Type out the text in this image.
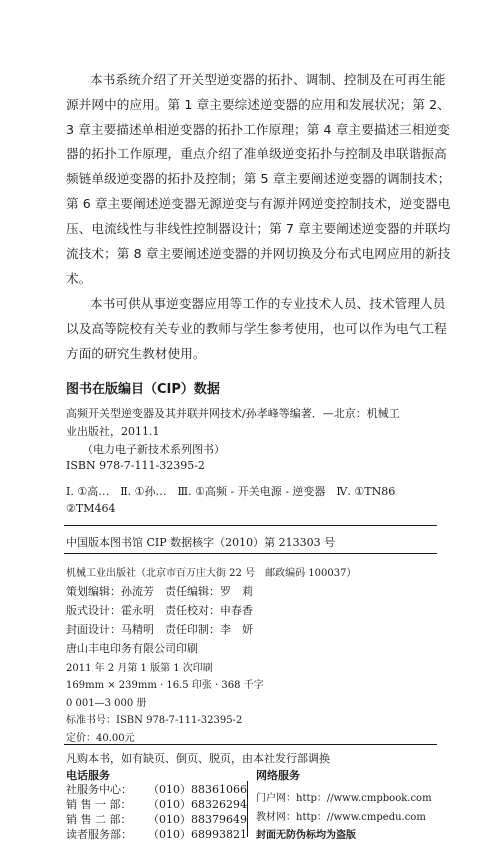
本书系统介绍了开关型逆变器的拓扑、调制、控制及在可再生能
源并网中的应用。第 1 章主要综述逆变器的应用和发展状况；第 2、
3 章主要描述单相逆变器的拓扑工作原理；第 4 章主要描述三相逆变
器的拓扑工作原理，重点介绍了准单级逆变拓扑与控制及串联谐振高
频链单级逆变器的拓扑及控制；第 5 章主要阐述逆变器的调制技术；
第 6 章主要阐述逆变器无源逆变与有源并网逆变控制技术，逆变器电
压、电流线性与非线性控制器设计；第 7 章主要阐述逆变器的并联均
流技术；第 8 章主要阐述逆变器的并网切换及分布式电网应用的新技
术。
本书可供从事逆变器应用等工作的专业技术人员、技术管理人员
以及高等院校有关专业的教师与学生参考使用，也可以作为电气工程
方面的研究生教材使用。
图书在版编目（CIP）数据
高频开关型逆变器及其并联并网技术/孙孝峰等编著．—北京：机械工
业出版社，2011.1
（电力电子新技术系列图书）
ISBN 978-7-111-32395-2
Ⅰ. ①高…　Ⅱ. ①孙…　Ⅲ. ①高频 - 开关电源 - 逆变器　Ⅳ. ①TN86
②TM464
中国版本图书馆 CIP 数据核字（2010）第 213303 号
机械工业出版社（北京市百万庄大街 22 号　邮政编码 100037）
策划编辑：孙流芳　责任编辑：罗　莉
版式设计：霍永明　责任校对：申春香
封面设计：马精明　责任印制：李　妍
唐山丰电印务有限公司印刷
2011 年 2 月第 1 版第 1 次印刷
169mm × 239mm · 16.5 印张 · 368 千字
0 001—3 000 册
标准书号：ISBN 978-7-111-32395-2
定价：40.00元
凡购本书，如有缺页、倒页、脱页，由本社发行部调换
电话服务	网络服务
社服务中心： （010）88361066
销 售 一 部： （010）68326294
销 售 二 部： （010）88379649
读者服务部： （010）68993821
门户网：http：//www.cmpbook.com
教材网：http：//www.cmpedu.com
封面无防伪标均为盗版
